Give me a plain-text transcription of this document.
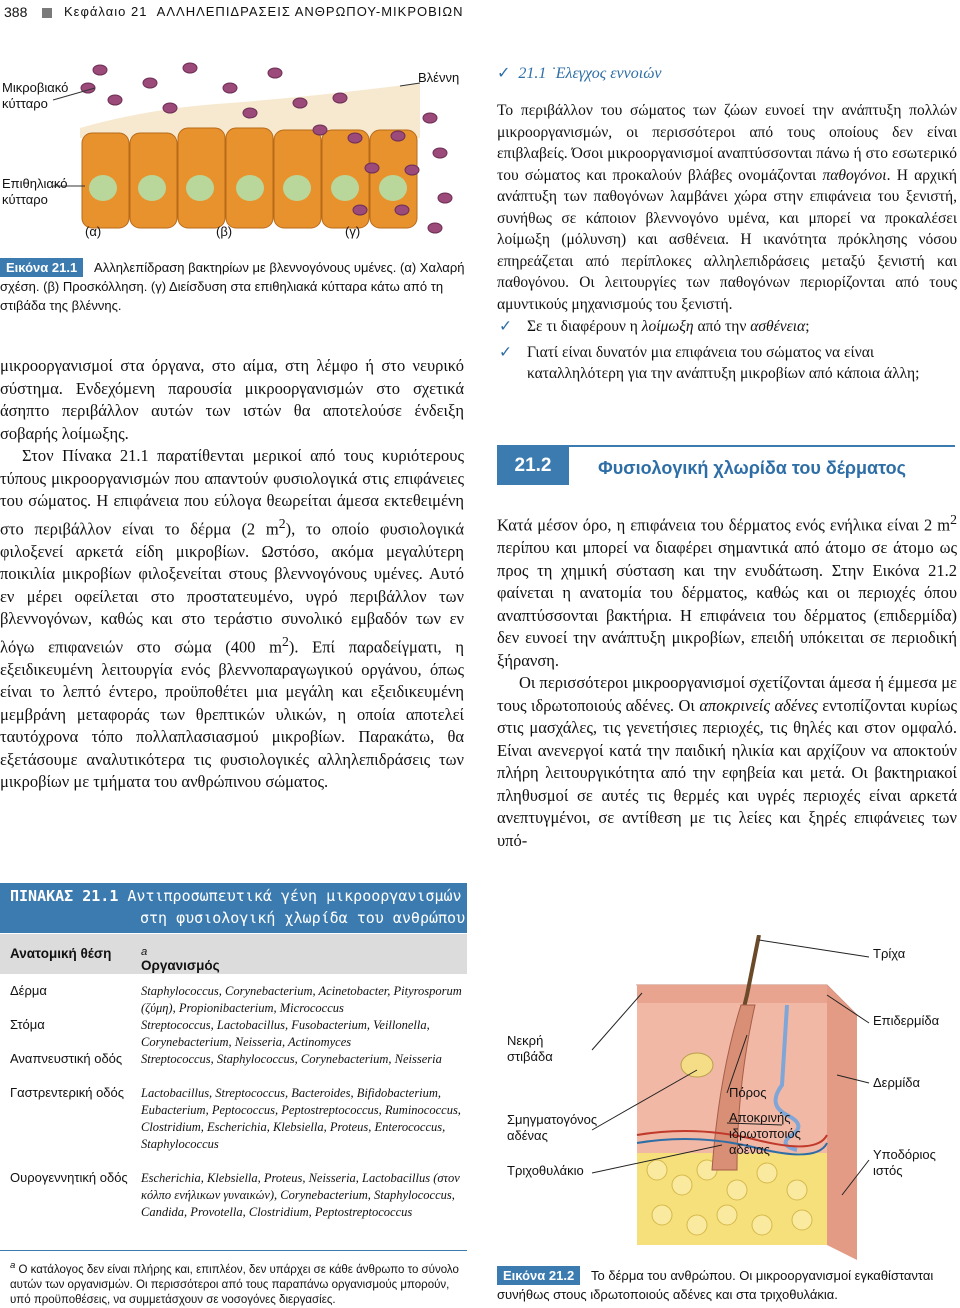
388	Κεφάλαιο 21 ΑΛΛΗΛΕΠΙΔΡΑΣΕΙΣ ΑΝΘΡΩΠΟΥ-ΜΙΚΡΟΒΙΩΝ
Μικροβιακό κύτταρο
Επιθηλιακό κύτταρο
Βλέννη
(α)	(β)	(γ)
Εικόνα 21.1 Αλληλεπίδραση βακτηρίων με βλεννογόνους υμένες. (α) Χαλαρή σχέση. (β) Προσκόλληση. (γ) Διείσδυση στα επιθηλιακά κύτταρα κάτω από τη στιβάδα της βλέννης.

μικροοργανισμοί στα όργανα, στο αίμα, στη λέμφο ή στο νευρικό σύστημα. Ενδεχόμενη παρουσία μικροοργανισμών στο σχετικά άσηπτο περιβάλλον αυτών των ιστών θα αποτελούσε ένδειξη σοβαρής λοίμωξης.

Στον Πίνακα 21.1 παρατίθενται μερικοί από τους κυριότερους τύπους μικροοργανισμών που απαντούν φυσιολογικά στις επιφάνειες του σώματος. Η επιφάνεια που εύλογα θεωρείται άμεσα εκτεθειμένη στο περιβάλλον είναι το δέρμα (2 $m^2$), το οποίο φυσιολογικά φιλοξενεί αρκετά είδη μικροβίων. Ωστόσο, ακόμα μεγαλύτερη ποικιλία μικροβίων φιλοξενείται στους βλεννογόνους υμένες. Αυτό εν μέρει οφείλεται στο προστατευμένο, υγρό περιβάλλον των βλεννογόνων, καθώς και στο τεράστιο συνολικό εμβαδόν των εν λόγω επιφανειών στο σώμα (400 $m^2$). Επί παραδείγματι, η εξειδικευμένη λειτουργία ενός βλεννοπαραγωγικού οργάνου, όπως είναι το λεπτό έντερο, προϋποθέτει μια μεγάλη και εξειδικευμένη μεμβράνη μεταφοράς των θρεπτικών υλικών, η οποία αποτελεί ταυτόχρονα τόπο πολλαπλασιασμού μικροβίων. Παρακάτω, θα εξετάσουμε αναλυτικότερα τις φυσιολογικές αλληλεπιδράσεις των μικροβίων με τμήματα του ανθρώπινου σώματος.

✓ 21.1 ˙Ελεγχος εννοιών
Το περιβάλλον του σώματος των ζώων ευνοεί την ανάπτυξη πολλών μικροοργανισμών, οι περισσότεροι από τους οποίους δεν είναι επιβλαβείς. Όσοι μικροοργανισμοί αναπτύσσονται πάνω ή στο εσωτερικό του σώματος και προκαλούν βλάβες ονομάζονται παθογόνοι. Η αρχική ανάπτυξη των παθογόνων λαμβάνει χώρα στην επιφάνεια του ξενιστή, συνήθως σε κάποιον βλεννογόνο υμένα, και μπορεί να προκαλέσει λοίμωξη (μόλυνση) και ασθένεια. Η ικανότητα πρόκλησης νόσου επηρεάζεται από περίπλοκες αλληλεπιδράσεις μεταξύ ξενιστή και παθογόνου. Οι λειτουργίες των παθογόνων περιορίζονται από τους αμυντικούς μηχανισμούς του ξενιστή.
✓ Σε τι διαφέρουν η λοίμωξη από την ασθένεια;
✓ Γιατί είναι δυνατόν μια επιφάνεια του σώματος να είναι καταλληλότερη για την ανάπτυξη μικροβίων από κάποια άλλη;
21.2	Φυσιολογική χλωρίδα του δέρματος

Κατά μέσον όρο, η επιφάνεια του δέρματος ενός ενήλικα είναι 2 $m^2$ περίπου και μπορεί να διαφέρει σημαντικά από άτομο σε άτομο ως προς τη χημική σύσταση και την ενυδάτωση. Στην Εικόνα 21.2 φαίνεται η ανατομία του δέρματος, καθώς και οι περιοχές όπου αναπτύσσονται βακτήρια. Η επιφάνεια του δέρματος (επιδερμίδα) δεν ευνοεί την ανάπτυξη μικροβίων, επειδή υπόκειται σε περιοδική ξήρανση.

Οι περισσότεροι μικροοργανισμοί σχετίζονται άμεσα ή έμμεσα με τους ιδρωτοποιούς αδένες. Οι αποκρινείς αδένες εντοπίζονται κυρίως στις μασχάλες, τις γενετήσιες περιοχές, τις θηλές και στον ομφαλό. Είναι ανενεργοί κατά την παιδική ηλικία και αρχίζουν να αποκτούν πλήρη λειτουργικότητα από την εφηβεία και μετά. Οι βακτηριακοί πληθυσμοί σε αυτές τις θερμές και υγρές περιοχές είναι αρκετά ανεπτυγμένοι, σε αντίθεση με τις λείες και ξηρές επιφάνειες των υπό-

ΠΙΝΑΚΑΣ 21.1 Αντιπροσωπευτικά γένη μικροοργανισμών
στη φυσιολογική χλωρίδα του ανθρώπου
Ανατομική θέση
Οργανισμός
$^a$
Δέρμα	Staphylococcus, Corynebacterium, Acinetobacter, Pityrosporum (ζύμη), Propionibacterium, Micrococcus
Στόμα	Streptococcus, Lactobacillus, Fusobacterium, Veillonella, Corynebacterium, Neisseria, Actinomyces
Αναπνευστική οδός Streptococcus, Staphylococcus, Corynebacterium, Neisseria
Γαστρεντερική οδός Lactobacillus, Streptococcus, Bacteroides, Bifidobacterium, Eubacterium, Peptococcus, Peptostreptococcus, Ruminococcus, Clostridium, Escherichia, Klebsiella, Proteus, Enterococcus, Staphylococcus
Ουρογεννητική οδός Escherichia, Klebsiella, Proteus, Neisseria, Lactobacillus (στον κόλπο ενήλικων γυναικών), Corynebacterium, Staphylococcus, Candida, Provotella, Clostridium, Peptostreptococcus
$^a$ Ο κατάλογος δεν είναι πλήρης και, επιπλέον, δεν υπάρχει σε κάθε άνθρωπο το σύνολο αυτών των οργανισμών. Οι περισσότεροι από τους παραπάνω οργανισμούς μπορούν, υπό προϋποθέσεις, να συμμετάσχουν σε νοσογόνες διεργασίες.
Τρίχα
Επιδερμίδα
Δερμίδα
Υποδόριος ιστός
Νεκρή στιβάδα
Σμηγματογόνος αδένας
Τριχοθυλάκιο
Πόρος
Αποκρινής ιδρωτοποιός αδένας
Εικόνα 21.2 Το δέρμα του ανθρώπου. Οι μικροοργανισμοί εγκαθίστανται συνήθως στους ιδρωτοποιούς αδένες και στα τριχοθυλάκια.
